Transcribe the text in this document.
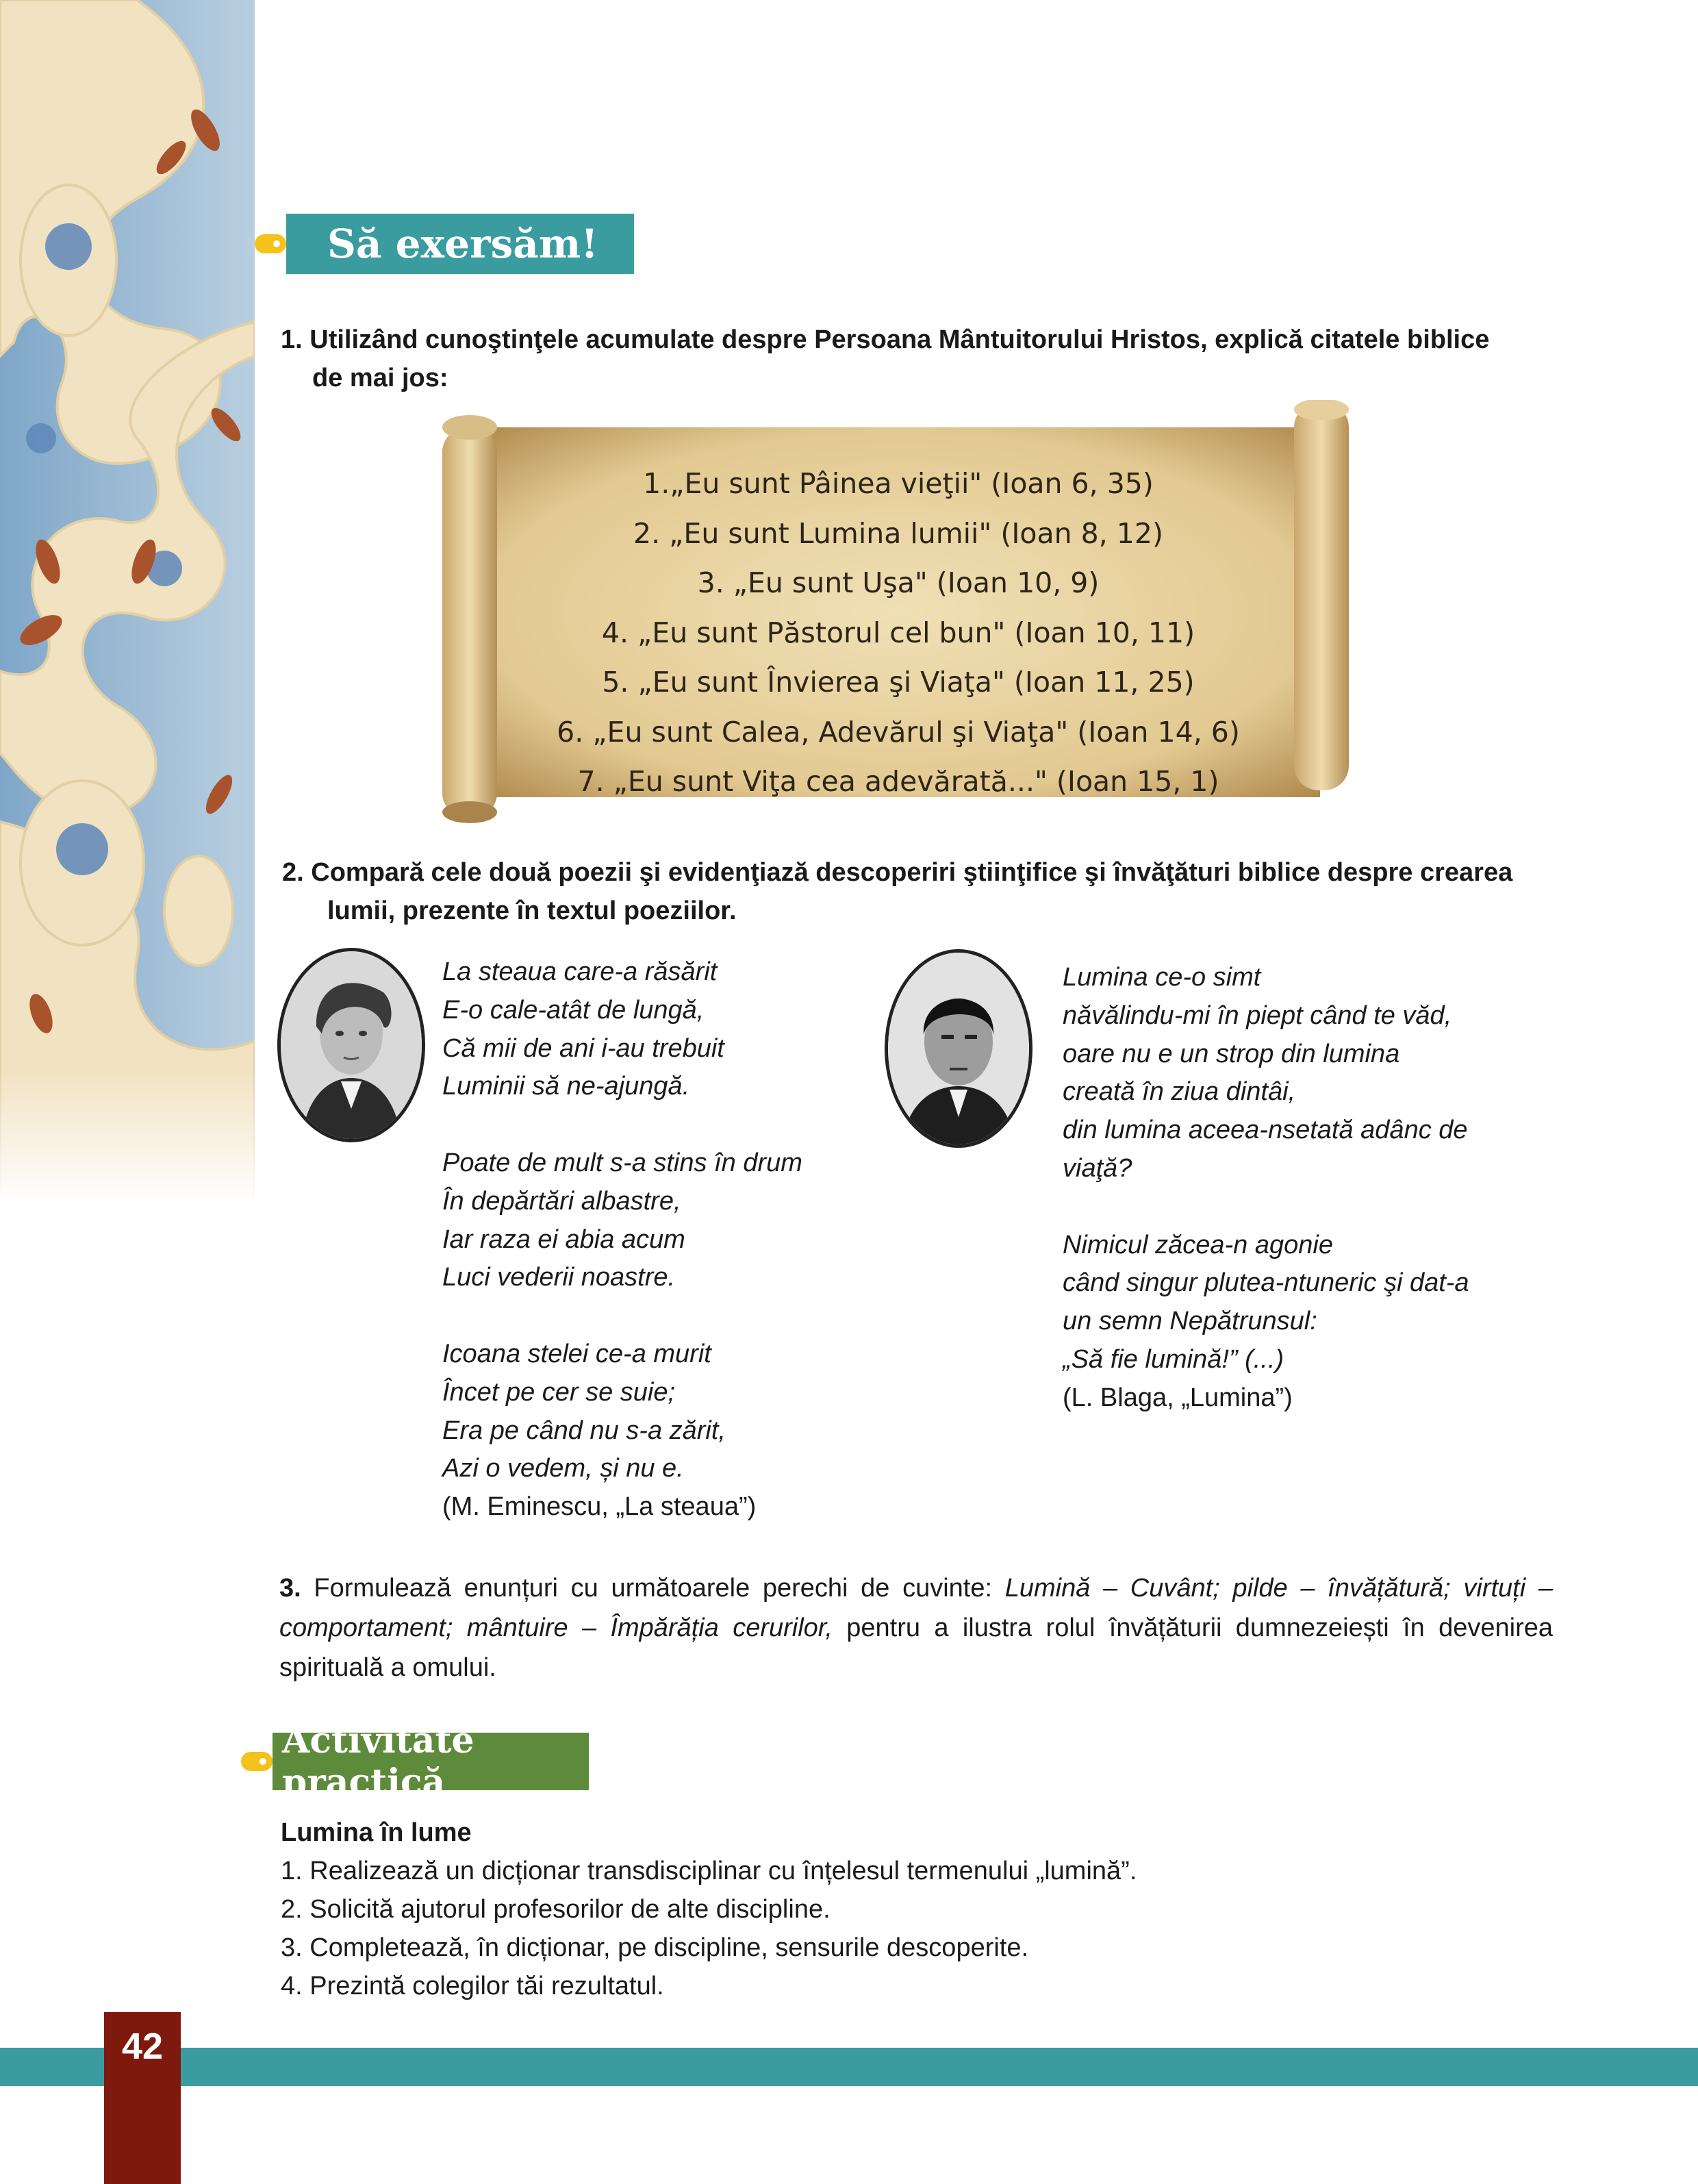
Să exersăm!
1. Utilizând cunoştinţele acumulate despre Persoana Mântuitorului Hristos, explică citatele biblice
de mai jos:
1.„Eu sunt Pâinea vieţii" (Ioan 6, 35)
2. „Eu sunt Lumina lumii" (Ioan 8, 12)
3. „Eu sunt Uşa" (Ioan 10, 9)
4. „Eu sunt Păstorul cel bun" (Ioan 10, 11)
5. „Eu sunt Învierea şi Viaţa" (Ioan 11, 25)
6. „Eu sunt Calea, Adevărul şi Viaţa" (Ioan 14, 6)
7. „Eu sunt Viţa cea adevărată..." (Ioan 15, 1)
2. Compară cele două poezii şi evidenţiază descoperiri ştiinţifice şi învăţături biblice despre crearea
lumii, prezente în textul poeziilor.
La steaua care-a răsărit
E-o cale-atât de lungă,
Că mii de ani i-au trebuit
Luminii să ne-ajungă.
Poate de mult s-a stins în drum
În depărtări albastre,
Iar raza ei abia acum
Luci vederii noastre.
Icoana stelei ce-a murit
Încet pe cer se suie;
Era pe când nu s-a zărit,
Azi o vedem, și nu e.
(M. Eminescu, „La steaua”)
Lumina ce-o simt
năvălindu-mi în piept când te văd,
oare nu e un strop din lumina
creată în ziua dintâi,
din lumina aceea-nsetată adânc de
viaţă?
Nimicul zăcea-n agonie
când singur plutea-ntuneric şi dat-a
un semn Nepătrunsul:
„Să fie lumină!” (...)
(L. Blaga, „Lumina”)
3. Formulează enunțuri cu următoarele perechi de cuvinte: Lumină – Cuvânt; pilde – învățătură; virtuți – comportament; mântuire – Împărăția cerurilor, pentru a ilustra rolul învățăturii dumnezeiești în devenirea spirituală a omului.
Activitate practică
Lumina în lume
1. Realizează un dicționar transdisciplinar cu înțelesul termenului „lumină”.
2. Solicită ajutorul profesorilor de alte discipline.
3. Completează, în dicționar, pe discipline, sensurile descoperite.
4. Prezintă colegilor tăi rezultatul.
42
